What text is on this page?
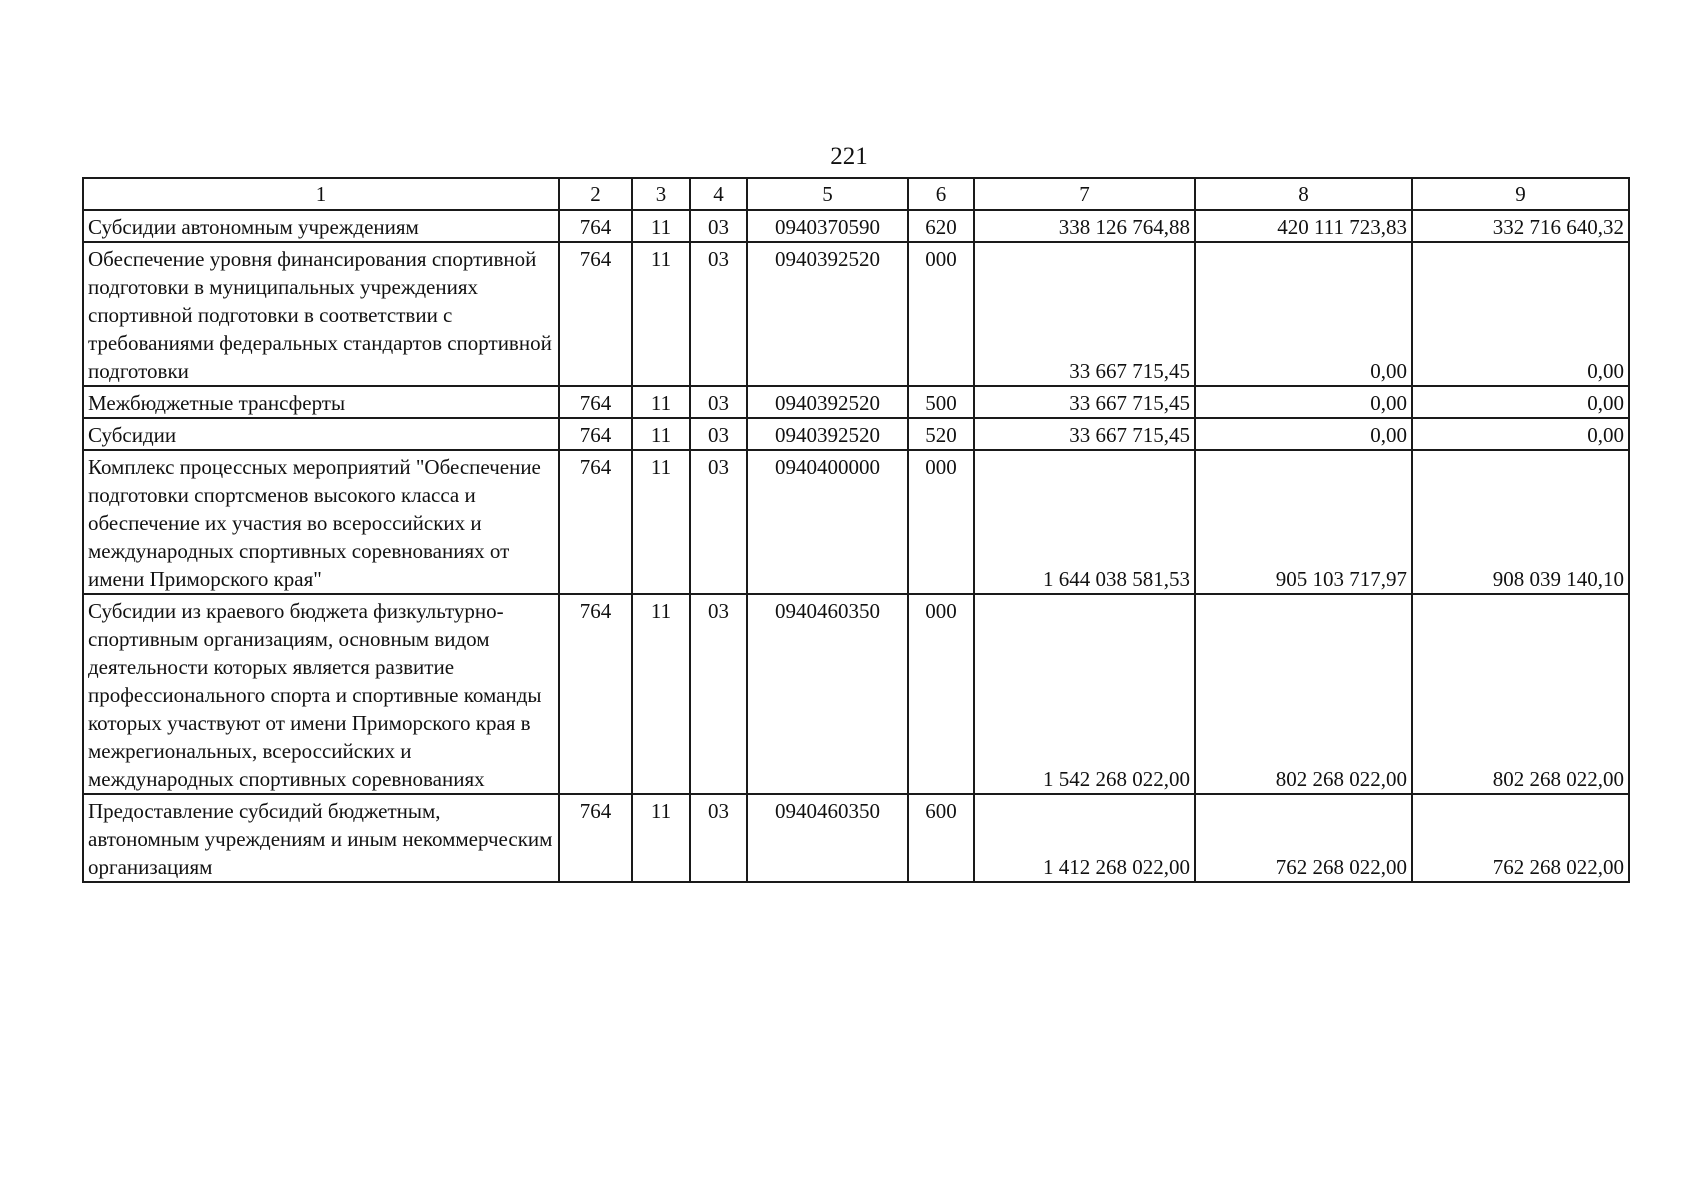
221
1	2	3	4	5	6	7	8	9
Субсидии автономным учреждениям	764	11	03	0940370590	620	338 126 764,88	420 111 723,83	332 716 640,32
Обеспечение уровня финансирования спортивной подготовки в муниципальных учреждениях спортивной подготовки в соответствии с требованиями федеральных стандартов спортивной подготовки	764	11	03	0940392520	000	33 667 715,45	0,00	0,00
Межбюджетные трансферты	764	11	03	0940392520	500	33 667 715,45	0,00	0,00
Субсидии	764	11	03	0940392520	520	33 667 715,45	0,00	0,00
Комплекс процессных мероприятий "Обеспечение подготовки спортсменов высокого класса и обеспечение их участия во всероссийских и международных спортивных соревнованиях от имени Приморского края"	764	11	03	0940400000	000	1 644 038 581,53	905 103 717,97	908 039 140,10
Субсидии из краевого бюджета физкультурно-спортивным организациям, основным видом деятельности которых является развитие профессионального спорта и спортивные команды которых участвуют от имени Приморского края в межрегиональных, всероссийских и международных спортивных соревнованиях	764	11	03	0940460350	000	1 542 268 022,00	802 268 022,00	802 268 022,00
Предоставление субсидий бюджетным, автономным учреждениям и иным некоммерческим организациям	764	11	03	0940460350	600	1 412 268 022,00	762 268 022,00	762 268 022,00
